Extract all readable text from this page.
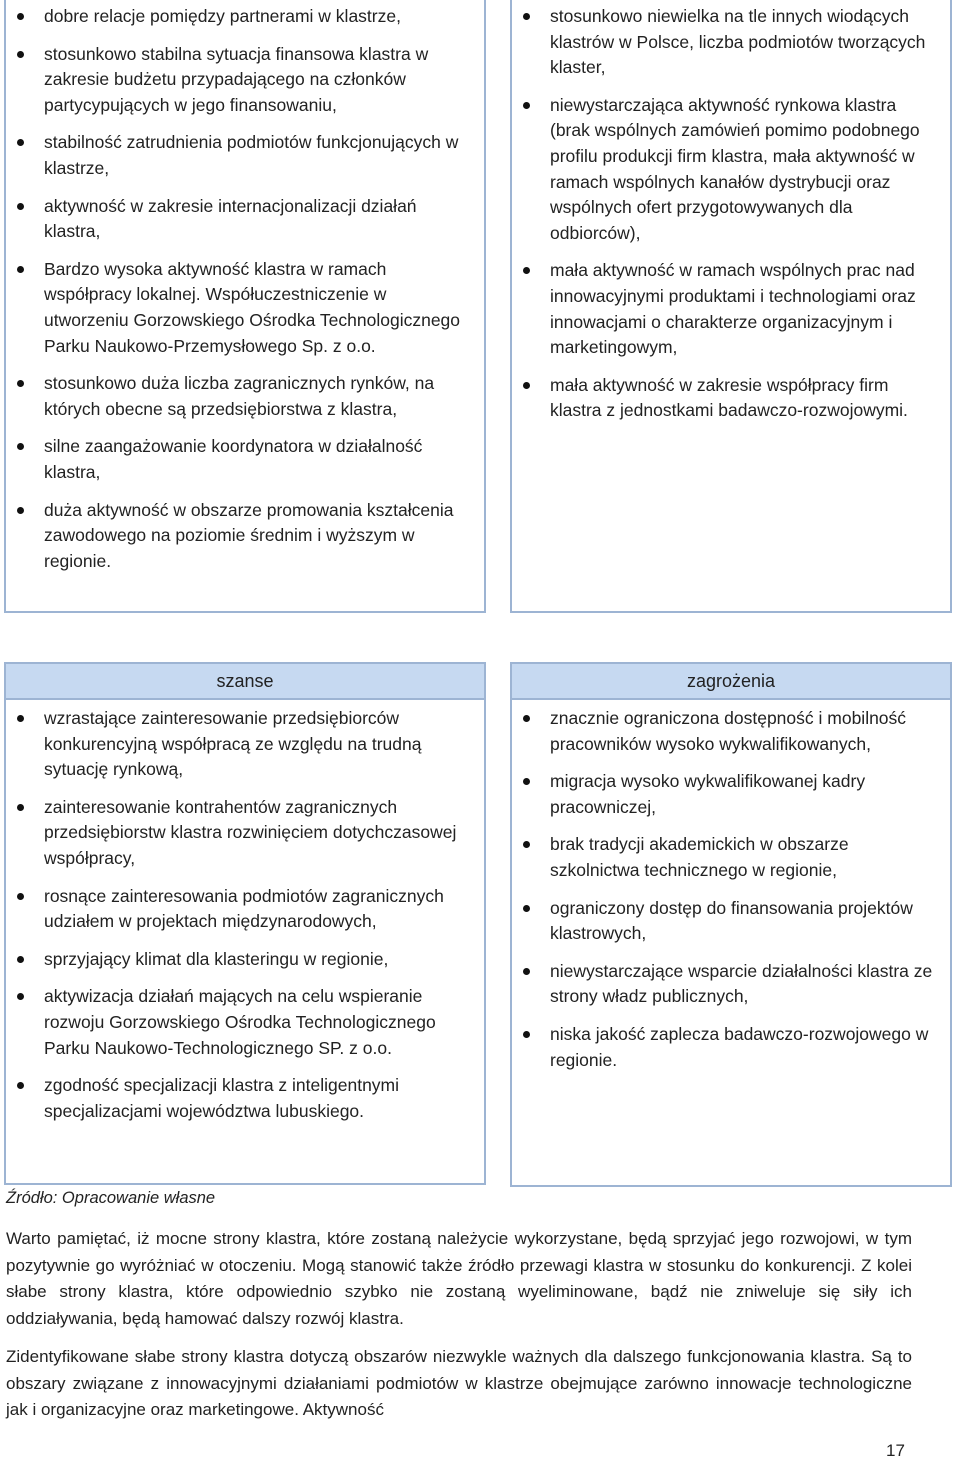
dobre relacje pomiędzy partnerami w klastrze,
stosunkowo stabilna sytuacja finansowa klastra w zakresie budżetu przypadającego na członków partycypujących w jego finansowaniu,
stabilność zatrudnienia podmiotów funkcjonujących w klastrze,
aktywność w zakresie internacjonalizacji działań klastra,
Bardzo wysoka aktywność klastra w ramach współpracy lokalnej. Współuczestniczenie w utworzeniu Gorzowskiego Ośrodka Technologicznego Parku Naukowo-Przemysłowego Sp. z o.o.
stosunkowo duża liczba zagranicznych rynków, na których obecne są przedsiębiorstwa z klastra,
silne zaangażowanie koordynatora w działalność klastra,
duża aktywność w obszarze promowania kształcenia zawodowego na poziomie średnim i wyższym w regionie.
stosunkowo niewielka na tle innych wiodących klastrów w Polsce, liczba podmiotów tworzących klaster,
niewystarczająca aktywność rynkowa klastra (brak wspólnych zamówień pomimo podobnego profilu produkcji firm klastra, mała aktywność w ramach wspólnych kanałów dystrybucji oraz wspólnych ofert przygotowywanych dla odbiorców),
mała aktywność w ramach wspólnych prac nad innowacyjnymi produktami i technologiami oraz innowacjami o charakterze organizacyjnym i marketingowym,
mała aktywność w zakresie współpracy firm klastra z jednostkami badawczo-rozwojowymi.
szanse
wzrastające zainteresowanie przedsiębiorców konkurencyjną współpracą ze względu na trudną sytuację rynkową,
zainteresowanie kontrahentów zagranicznych przedsiębiorstw klastra rozwinięciem dotychczasowej współpracy,
rosnące zainteresowania podmiotów zagranicznych udziałem w projektach międzynarodowych,
sprzyjający klimat dla klasteringu w regionie,
aktywizacja działań mających na celu wspieranie rozwoju Gorzowskiego Ośrodka Technologicznego Parku Naukowo-Technologicznego SP. z o.o.
zgodność specjalizacji klastra z inteligentnymi specjalizacjami województwa lubuskiego.
zagrożenia
znacznie ograniczona dostępność i mobilność pracowników wysoko wykwalifikowanych,
migracja wysoko wykwalifikowanej kadry pracowniczej,
brak tradycji akademickich w obszarze szkolnictwa technicznego w regionie,
ograniczony dostęp do finansowania projektów klastrowych,
niewystarczające wsparcie działalności klastra ze strony władz publicznych,
niska jakość zaplecza badawczo-rozwojowego w regionie.
Źródło: Opracowanie własne

Warto pamiętać, iż mocne strony klastra, które zostaną należycie wykorzystane, będą sprzyjać jego rozwojowi, w tym pozytywnie go wyróżniać w otoczeniu. Mogą stanowić także źródło przewagi klastra w stosunku do konkurencji. Z kolei słabe strony klastra, które odpowiednio szybko nie zostaną wyeliminowane, bądź nie zniweluje się siły ich oddziaływania, będą hamować dalszy rozwój klastra.

Zidentyfikowane słabe strony klastra dotyczą obszarów niezwykle ważnych dla dalszego funkcjonowania klastra. Są to obszary związane z innowacyjnymi działaniami podmiotów w klastrze obejmujące zarówno innowacje technologiczne jak i organizacyjne oraz marketingowe. Aktywność

17
